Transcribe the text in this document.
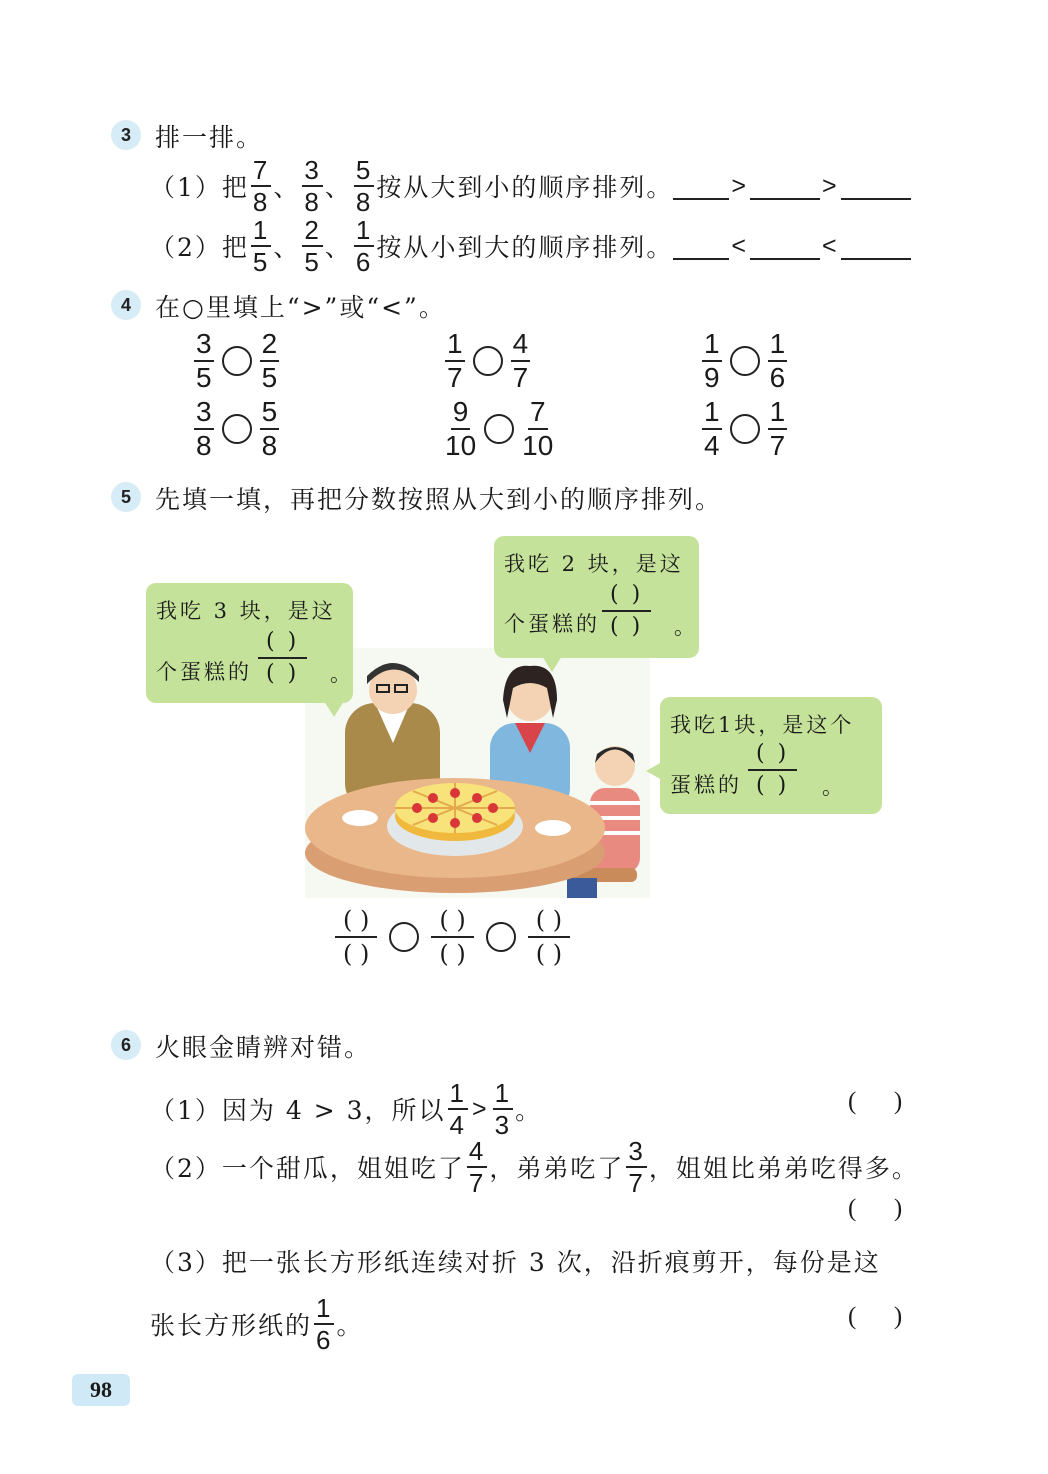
3 排一排。
（1）把 $\frac{7}{8}$ 、 $\frac{3}{8}$ 、 $\frac{5}{8}$ 按从大到小的顺序排列。 >	>
（2）把 $\frac{1}{5}$ 、 $\frac{2}{5}$ 、 $\frac{1}{6}$ 按从小到大的顺序排列。 <	<
4 在○里填上“>”或“<”。
$\frac{3}{5} \frac{2}{5}$	$\frac{1}{7} \frac{4}{7}$	$\frac{1}{9} \frac{1}{6}$
$\frac{3}{8} \frac{5}{8}$	$\frac{9}{10} \frac{7}{10}$	$\frac{1}{4} \frac{1}{7}$
5 先填一填，再把分数按照从大到小的顺序排列。
我吃 3 块，是这
个蛋糕的
( )
( ) 。
我吃 2 块，是这
个蛋糕的
( )
( ) 。
我吃1块，是这个
蛋糕的
( )
( ) 。
( )
( )
( )
( )
( )
( )
6 火眼金睛辨对错。
（1）因为 4 > 3，所以 $\frac{1}{4} > \frac{1}{3}$ 。	(      )
（2）一个甜瓜，姐姐吃了 $\frac{4}{7}$ ，弟弟吃了 $\frac{3}{7}$ ，姐姐比弟弟吃得多。
(      )
（3）把一张长方形纸连续对折 3 次，沿折痕剪开，每份是这
张长方形纸的 $\frac{1}{6}$ 。	(      )
98
